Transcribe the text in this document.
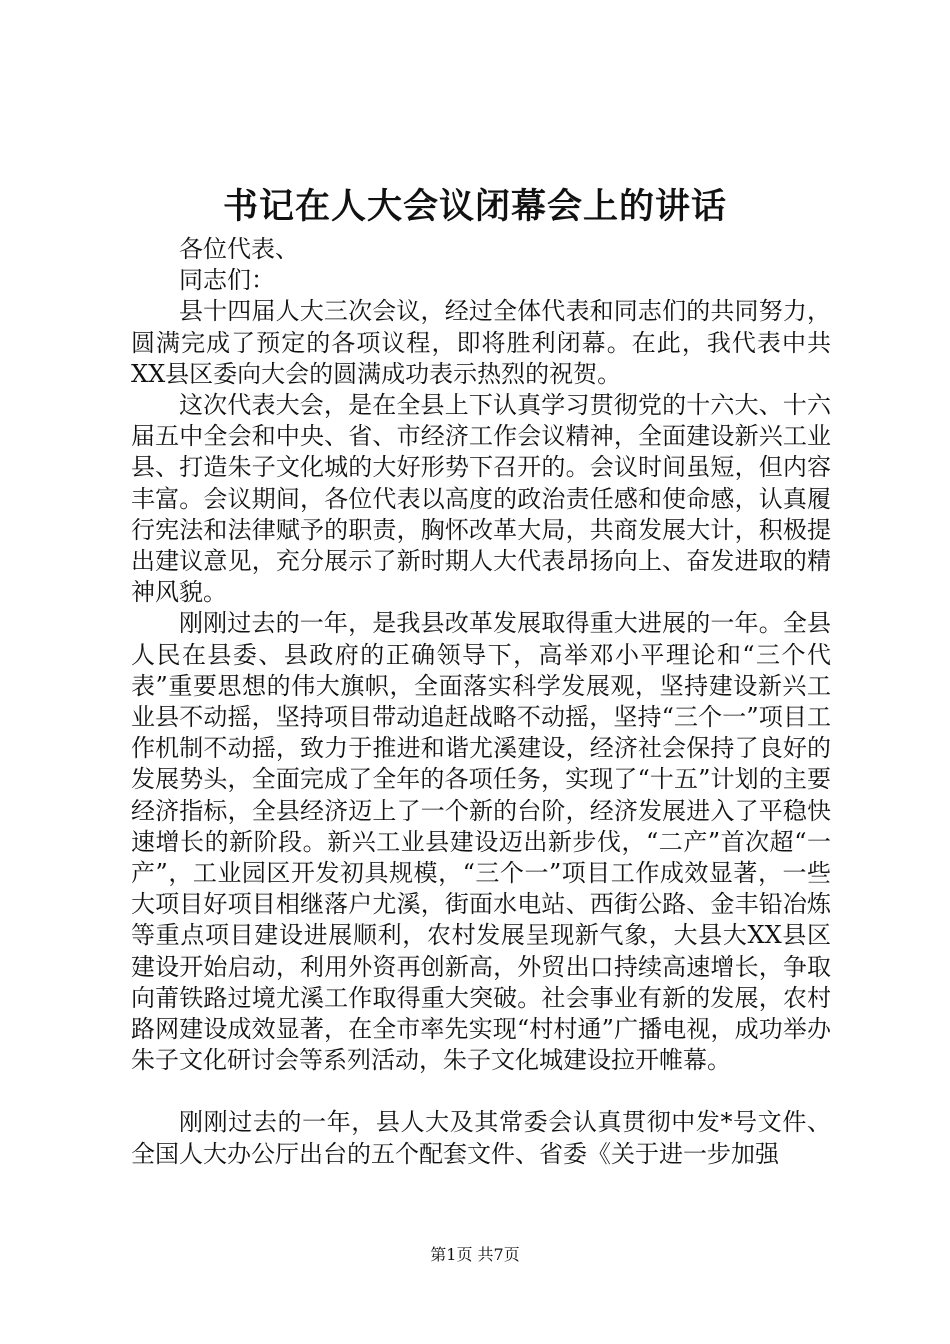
书记在人大会议闭幕会上的讲话

各位代表、

同志们：

县十四届人大三次会议，经过全体代表和同志们的共同努力，圆满完成了预定的各项议程，即将胜利闭幕。在此，我代表中共XX县区委向大会的圆满成功表示热烈的祝贺。

这次代表大会，是在全县上下认真学习贯彻党的十六大、十六届五中全会和中央、省、市经济工作会议精神，全面建设新兴工业县、打造朱子文化城的大好形势下召开的。会议时间虽短，但内容丰富。会议期间，各位代表以高度的政治责任感和使命感，认真履行宪法和法律赋予的职责，胸怀改革大局，共商发展大计，积极提出建议意见，充分展示了新时期人大代表昂扬向上、奋发进取的精神风貌。

刚刚过去的一年，是我县改革发展取得重大进展的一年。全县人民在县委、县政府的正确领导下，高举邓小平理论和“三个代表”重要思想的伟大旗帜，全面落实科学发展观，坚持建设新兴工业县不动摇，坚持项目带动追赶战略不动摇，坚持“三个一”项目工作机制不动摇，致力于推进和谐尤溪建设，经济社会保持了良好的发展势头，全面完成了全年的各项任务，实现了“十五”计划的主要经济指标，全县经济迈上了一个新的台阶，经济发展进入了平稳快速增长的新阶段。新兴工业县建设迈出新步伐，“二产”首次超“一产”，工业园区开发初具规模，“三个一”项目工作成效显著，一些大项目好项目相继落户尤溪，街面水电站、西街公路、金丰铅冶炼等重点项目建设进展顺利，农村发展呈现新气象，大县大XX县区建设开始启动，利用外资再创新高，外贸出口持续高速增长，争取向莆铁路过境尤溪工作取得重大突破。社会事业有新的发展，农村路网建设成效显著，在全市率先实现“村村通”广播电视，成功举办朱子文化研讨会等系列活动，朱子文化城建设拉开帷幕。

刚刚过去的一年，县人大及其常委会认真贯彻中发*号文件、全国人大办公厅出台的五个配套文件、省委《关于进一步加强

第1页 共7页
